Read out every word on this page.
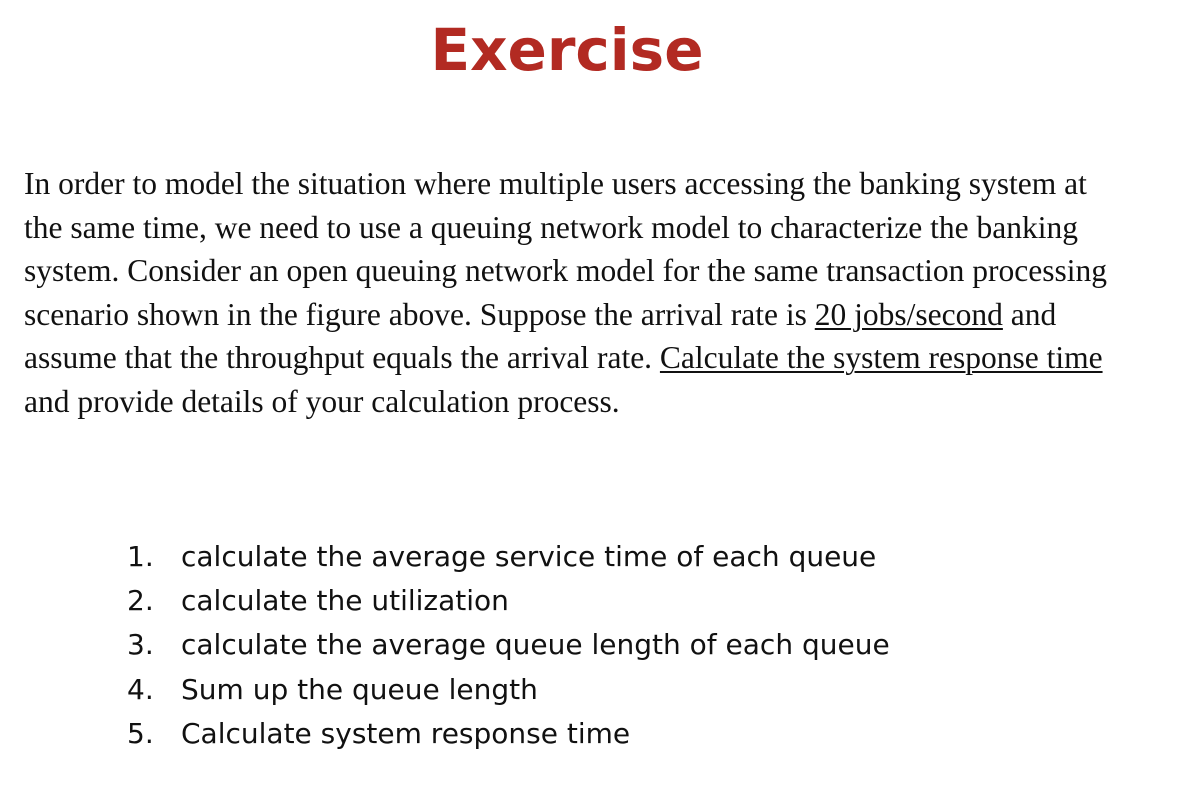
Exercise

In order to model the situation where multiple users accessing the banking system at the same time, we need to use a queuing network model to characterize the banking system. Consider an open queuing network model for the same transaction processing scenario shown in the figure above. Suppose the arrival rate is 20 jobs/second and assume that the throughput equals the arrival rate. Calculate the system response time and provide details of your calculation process.

1. calculate the average service time of each queue
2. calculate the utilization
3. calculate the average queue length of each queue
4. Sum up the queue length
5. Calculate system response time
